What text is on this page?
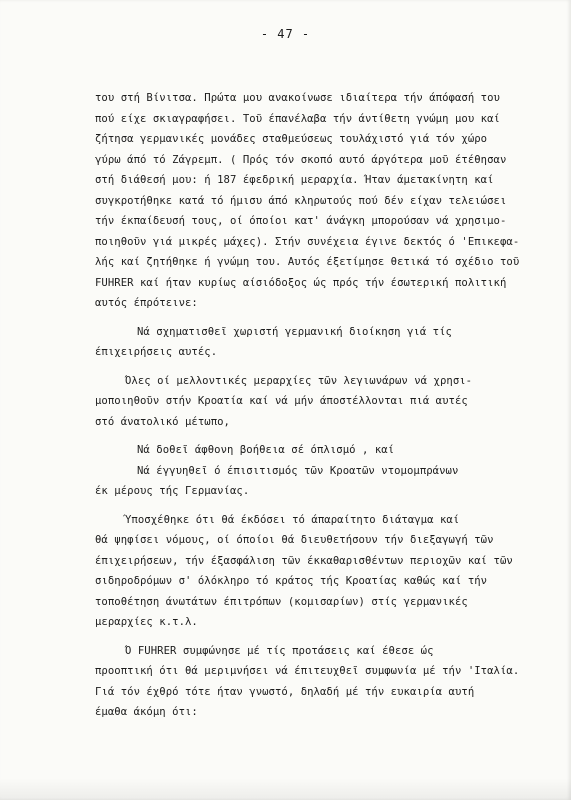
- 47 -
του στή Βίνιτσα. Πρώτα μου ανακοίνωσε ιδιαίτερα τήν άπόφασή του
πού είχε σκιαγραφήσει. Τοῦ έπανέλαβα τήν άντίθετη γνώμη μου καί
ζήτησα γερμανικές μονάδες σταθμεύσεως τουλάχιστό γιά τόν χώρο
γύρω άπό τό Ζάγρεμπ. ( Πρός τόν σκοπό αυτό άργότερα μοῦ έτέθησαν
στή διάθεσή μου: ή 187 έφεδρική μεραρχία. Ήταν άμετακίνητη καί
συγκροτήθηκε κατά τό ήμισυ άπό κληρωτούς πού δέν είχαν τελειώσει
τήν έκπαίδευσή τους, οί όποίοι κατ' άνάγκη μπορούσαν νά χρησιμο-
ποιηθοῦν γιά μικρές μάχες). Στήν συνέχεια έγινε δεκτός ό 'Επικεφα-
λής καί ζητήθηκε ή γνώμη του. Αυτός έξετίμησε θετικά τό σχέδιο τοῦ
FUHRER καί ήταν κυρίως αίσιόδοξος ώς πρός τήν έσωτερική πολιτική
αυτός έπρότεινε:
Νά σχηματισθεῖ χωριστή γερμανική διοίκηση γιά τίς
έπιχειρήσεις αυτές.
Όλες οί μελλοντικές μεραρχίες τῶν λεγιωνάρων νά χρησι-
μοποιηθοῦν στήν Κροατία καί νά μήν άποστέλλονται πιά αυτές
στό άνατολικό μέτωπο,
Νά δοθεῖ άφθονη βοήθεια σέ όπλισμό , καί
Νά έγγυηθεῖ ό έπισιτισμός τῶν Κροατῶν ντομομπράνων
έκ μέρους τής Γερμανίας.
Ύποσχέθηκε ότι θά έκδόσει τό άπαραίτητο διάταγμα καί
θά ψηφίσει νόμους, οί όποίοι θά διευθετήσουν τήν διεξαγωγή τῶν
έπιχειρήσεων, τήν έξασφάλιση τῶν έκκαθαρισθέντων περιοχῶν καί τῶν
σιδηροδρόμων σ' όλόκληρο τό κράτος τής Κροατίας καθώς καί τήν
τοποθέτηση άνωτάτων έπιτρόπων (κομισαρίων) στίς γερμανικές
μεραρχίες κ.τ.λ.
Ό FUHRER συμφώνησε μέ τίς προτάσεις καί έθεσε ώς
προοπτική ότι θά μεριμνήσει νά έπιτευχθεῖ συμφωνία μέ τήν 'Ιταλία.
Γιά τόν έχθρό τότε ήταν γνωστό, δηλαδή μέ τήν ευκαιρία αυτή
έμαθα άκόμη ότι:
